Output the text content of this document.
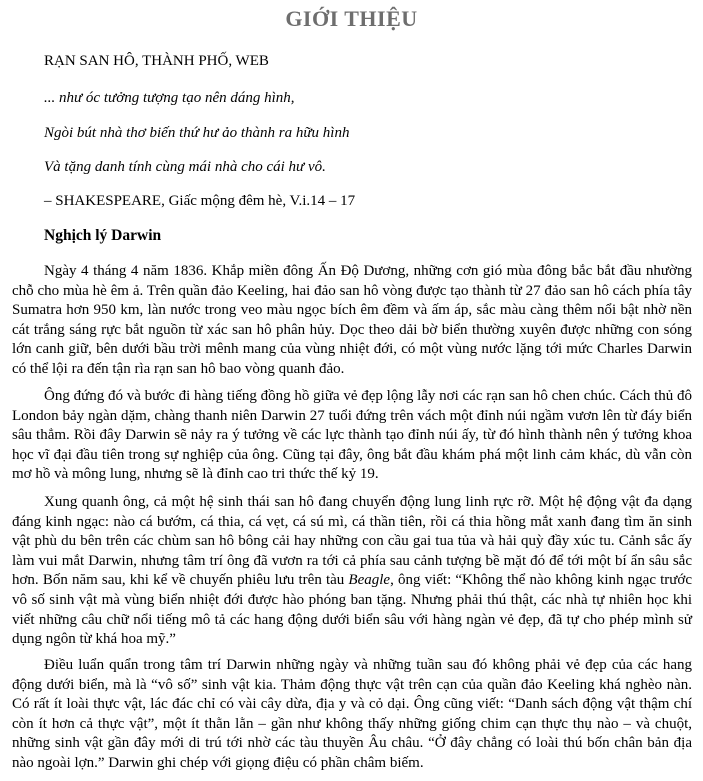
GIỚI THIỆU
RẠN SAN HÔ, THÀNH PHỐ, WEB
... như óc tưởng tượng tạo nên dáng hình,
Ngòi bút nhà thơ biến thứ hư ảo thành ra hữu hình
Và tặng danh tính cùng mái nhà cho cái hư vô.
– SHAKESPEARE, Giấc mộng đêm hè, V.i.14 – 17
Nghịch lý Darwin

Ngày 4 tháng 4 năm 1836. Khắp miền đông Ấn Độ Dương, những cơn gió mùa đông bắc bắt đầu nhường chỗ cho mùa hè êm ả. Trên quần đảo Keeling, hai đảo san hô vòng được tạo thành từ 27 đảo san hô cách phía tây Sumatra hơn 950 km, làn nước trong veo màu ngọc bích êm đềm và ấm áp, sắc màu càng thêm nổi bật nhờ nền cát trắng sáng rực bắt nguồn từ xác san hô phân hủy. Dọc theo dải bờ biển thường xuyên được những con sóng lớn canh giữ, bên dưới bầu trời mênh mang của vùng nhiệt đới, có một vùng nước lặng tới mức Charles Darwin có thể lội ra đến tận rìa rạn san hô bao vòng quanh đảo.

Ông đứng đó và bước đi hàng tiếng đồng hồ giữa vẻ đẹp lộng lẫy nơi các rạn san hô chen chúc. Cách thủ đô London bảy ngàn dặm, chàng thanh niên Darwin 27 tuổi đứng trên vách một đỉnh núi ngầm vươn lên từ đáy biển sâu thẳm. Rồi đây Darwin sẽ nảy ra ý tưởng về các lực thành tạo đỉnh núi ấy, từ đó hình thành nên ý tưởng khoa học vĩ đại đầu tiên trong sự nghiệp của ông. Cũng tại đây, ông bắt đầu khám phá một linh cảm khác, dù vẫn còn mơ hồ và mông lung, nhưng sẽ là đỉnh cao tri thức thế kỷ 19.

Xung quanh ông, cả một hệ sinh thái san hô đang chuyển động lung linh rực rỡ. Một hệ động vật đa dạng đáng kinh ngạc: nào cá bướm, cá thia, cá vẹt, cá sú mì, cá thần tiên, rồi cá thia hồng mắt xanh đang tìm ăn sinh vật phù du bên trên các chùm san hô bông cải hay những con cầu gai tua tủa và hải quỳ đầy xúc tu. Cảnh sắc ấy làm vui mắt Darwin, nhưng tâm trí ông đã vươn ra tới cả phía sau cảnh tượng bề mặt đó để tới một bí ẩn sâu sắc hơn. Bốn năm sau, khi kể về chuyến phiêu lưu trên tàu Beagle, ông viết: “Không thể nào không kinh ngạc trước vô số sinh vật mà vùng biển nhiệt đới được hào phóng ban tặng. Nhưng phải thú thật, các nhà tự nhiên học khi viết những câu chữ nổi tiếng mô tả các hang động dưới biển sâu với hàng ngàn vẻ đẹp, đã tự cho phép mình sử dụng ngôn từ khá hoa mỹ.”

Điều luẩn quẩn trong tâm trí Darwin những ngày và những tuần sau đó không phải vẻ đẹp của các hang động dưới biển, mà là “vô số” sinh vật kia. Thảm động thực vật trên cạn của quần đảo Keeling khá nghèo nàn. Có rất ít loài thực vật, lác đác chỉ có vài cây dừa, địa y và cỏ dại. Ông cũng viết: “Danh sách động vật thậm chí còn ít hơn cả thực vật”, một ít thằn lằn – gần như không thấy những giống chim cạn thực thụ nào – và chuột, những sinh vật gần đây mới di trú tới nhờ các tàu thuyền Âu châu. “Ở đây chẳng có loài thú bốn chân bản địa nào ngoài lợn.” Darwin ghi chép với giọng điệu có phần châm biếm.
